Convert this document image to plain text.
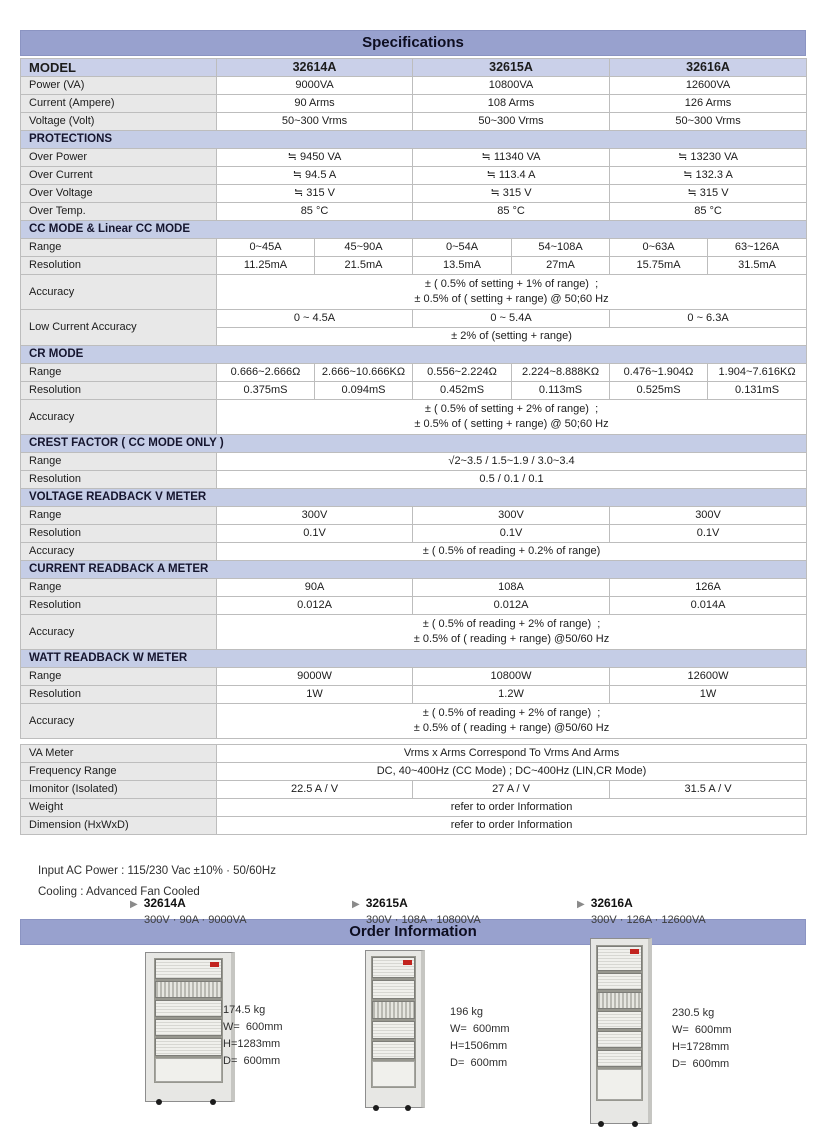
Specifications
MODEL	32614A		32615A		32616A	
Power (VA)	9000VA		10800VA		12600VA	
Current (Ampere)	90 Arms		108 Arms		126 Arms	
Voltage (Volt)	50~300 Vrms		50~300 Vrms		50~300 Vrms	
PROTECTIONS						
Over Power	≒ 9450 VA		≒ 11340 VA		≒ 13230 VA	
Over Current	≒ 94.5 A		≒ 113.4 A		≒ 132.3 A	
Over Voltage	≒ 315 V		≒ 315 V		≒ 315 V	
Over Temp.	85 °C		85 °C		85 °C	
CC MODE & Linear CC MODE						
Range	0~45A	45~90A	0~54A	54~108A	0~63A	63~126A
Resolution	11.25mA	21.5mA	13.5mA	27mA	15.75mA	31.5mA
Accuracy	± ( 0.5% of setting + 1% of range)  ;
± 0.5% of ( setting + range) @ 50;60 Hz					

Low Current Accuracy	0 ~ 4.5A		0 ~ 5.4A		0 ~ 6.3A	
	± 2% of (setting + range)					
CR MODE						
Range	0.666~2.666Ω	2.666~10.666KΩ	0.556~2.224Ω	2.224~8.888KΩ	0.476~1.904Ω	1.904~7.616KΩ
Resolution	0.375mS	0.094mS	0.452mS	0.113mS	0.525mS	0.131mS
Accuracy	± ( 0.5% of setting + 2% of range)  ;
± 0.5% of ( setting + range) @ 50;60 Hz					

CREST FACTOR ( CC MODE ONLY )						
Range	√2~3.5 / 1.5~1.9 / 3.0~3.4					
Resolution	0.5 / 0.1 / 0.1					
VOLTAGE READBACK V METER						
Range	300V		300V		300V	
Resolution	0.1V		0.1V		0.1V	
Accuracy	± ( 0.5% of reading + 0.2% of range)					
CURRENT READBACK A METER						
Range	90A		108A		126A	
Resolution	0.012A		0.012A		0.014A	
Accuracy	± ( 0.5% of reading + 2% of range)  ;
± 0.5% of ( reading + range) @50/60 Hz					

WATT READBACK W METER						
Range	9000W		10800W		12600W	
Resolution	1W		1.2W		1W	
Accuracy	± ( 0.5% of reading + 2% of range)  ;
± 0.5% of ( reading + range) @50/60 Hz					

VA Meter	Vrms x Arms Correspond To Vrms And Arms					
Frequency Range	DC, 40~400Hz (CC Mode) ; DC~400Hz (LIN,CR Mode)					
Imonitor (Isolated)	22.5 A / V		27 A / V		31.5 A / V	
Weight	refer to order Information					
Dimension (HxWxD)	refer to order Information					
Input AC Power : 115/230 Vac ±10% · 50/60Hz
Cooling : Advanced Fan Cooled
Order Information
▶ 32614A
300V · 90A · 9000VA
174.5 kg
W=  600mm
H=1283mm
D=  600mm
▶ 32615A
300V · 108A · 10800VA
196 kg
W=  600mm
H=1506mm
D=  600mm
▶ 32616A
300V · 126A · 12600VA
230.5 kg
W=  600mm
H=1728mm
D=  600mm
